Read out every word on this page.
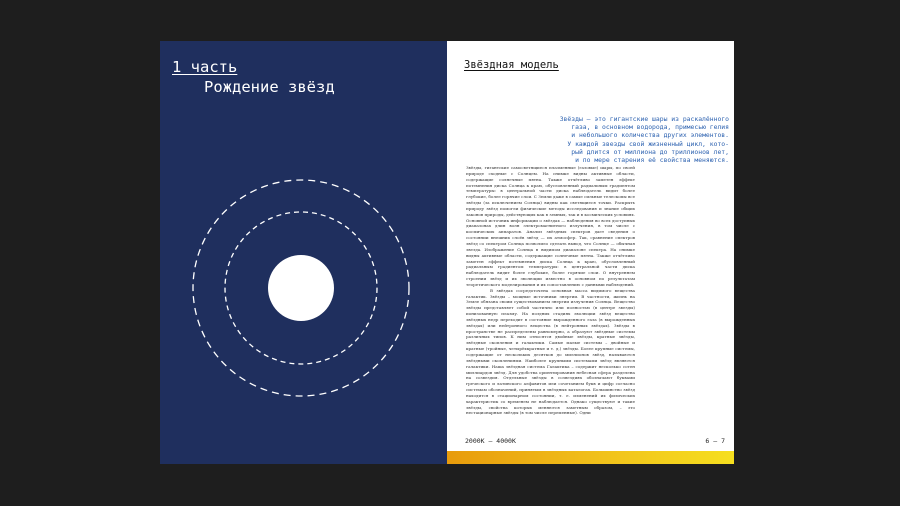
1 часть
Рождение звёзд
Звёздная модель
Звёзды — это гигантские шары из раскалённого
газа, в основном водорода, примесью гелия
и небольшого количества других элементов.
У каждой звезды свой жизненный цикл, кото-
рый длится от миллиона до триллионов лет,
и по мере старения её свойства меняются.

Звёзды, гигантские самосветящиеся плазменные (газовые) шары, по своей природе сходные с Солнцем. На снимке видны активные области, содержащие солнечные пятна. Также отчётливо заметен эффект потемнения диска Солнца к краю, обусловленный радиальным градиентом температуры: в центральной части диска наблюдатель видит более глубокие, более горячие слои. С Земли даже в самые сильные телескопы все звёзды (за исключением Солнца) видны как светящиеся точки. Раскрыть природу звёзд помогли физические методы исследования и знание общих законов природы, действующих как в земных, так и в космических условиях. Основной источник информации о звёздах — наблюдения во всех доступных диапазонах длин волн электромагнитного излучения, в том числе с космических аппаратов. Анализ звёздных спектров дает сведения о состоянии внешних слоёв звёзд — их атмосфер. Так, сравнение спектров звёзд со спектром Солнца позволило сделать вывод, что Солнце — обычная звезда. Изображение Солнца в видимом диапазоне спектра. На снимке видны активные области, содержащие солнечные пятна. Также отчётливо заметен эффект потемнения диска Солнца к краю, обусловленный радиальным градиентом температуры: в центральной части диска наблюдатель видит более глубокие, более горячие слои. О внутреннем строении звёзд и их эволюции известно в основном по результатам теоретического моделирования и их сопоставлению с данными наблюдений.

В звёздах сосредоточена основная масса видимого вещества галактик. Звёзды – мощные источники энергии. В частности, жизнь на Земле обязана своим существованием энергии излучения Солнца. Вещество звёзды представляет собой частично или полностью (в центре звезды) ионизованную плазму. На поздних стадиях эволюции звёзд вещество звёздных недр переходит в состояние вырожденного газа (в вырожденных звёздах) или нейтронного вещества (в нейтронных звёздах). Звёзды в пространстве не распределены равномерно, а образуют звёздные системы различных типов. К ним относятся двойные звёзды, кратные звёзды, звёздные скопления и галактики. Самые малые системы – двойные и кратные (тройные, четырёхкратные и т. д.) звёзды. Более крупные системы, содержащие от нескольких десятков до миллионов звёзд, называются звёздными скоплениями. Наиболее крупными системами звёзд являются галактики. Наша звёздная система Галактика – содержит несколько сотен миллиардов звёзд. Для удобства ориентирования небесная сфера разделена на созвездия. Отдельные звёзды в созвездиях обозначают буквами греческого и латинского алфавитов или сочетанием букв и цифр согласно системам обозначений, принятым в звёздных каталогах. Большинство звёзд находится в стационарном состоянии, т. е. изменений их физических характеристик со временем не наблюдается. Однако существуют и такие звёзды, свойства которых меняются заметным образом, – это нестационарные звёзды (в том числе переменные). Одни

2000K — 4000K	6 — 7
